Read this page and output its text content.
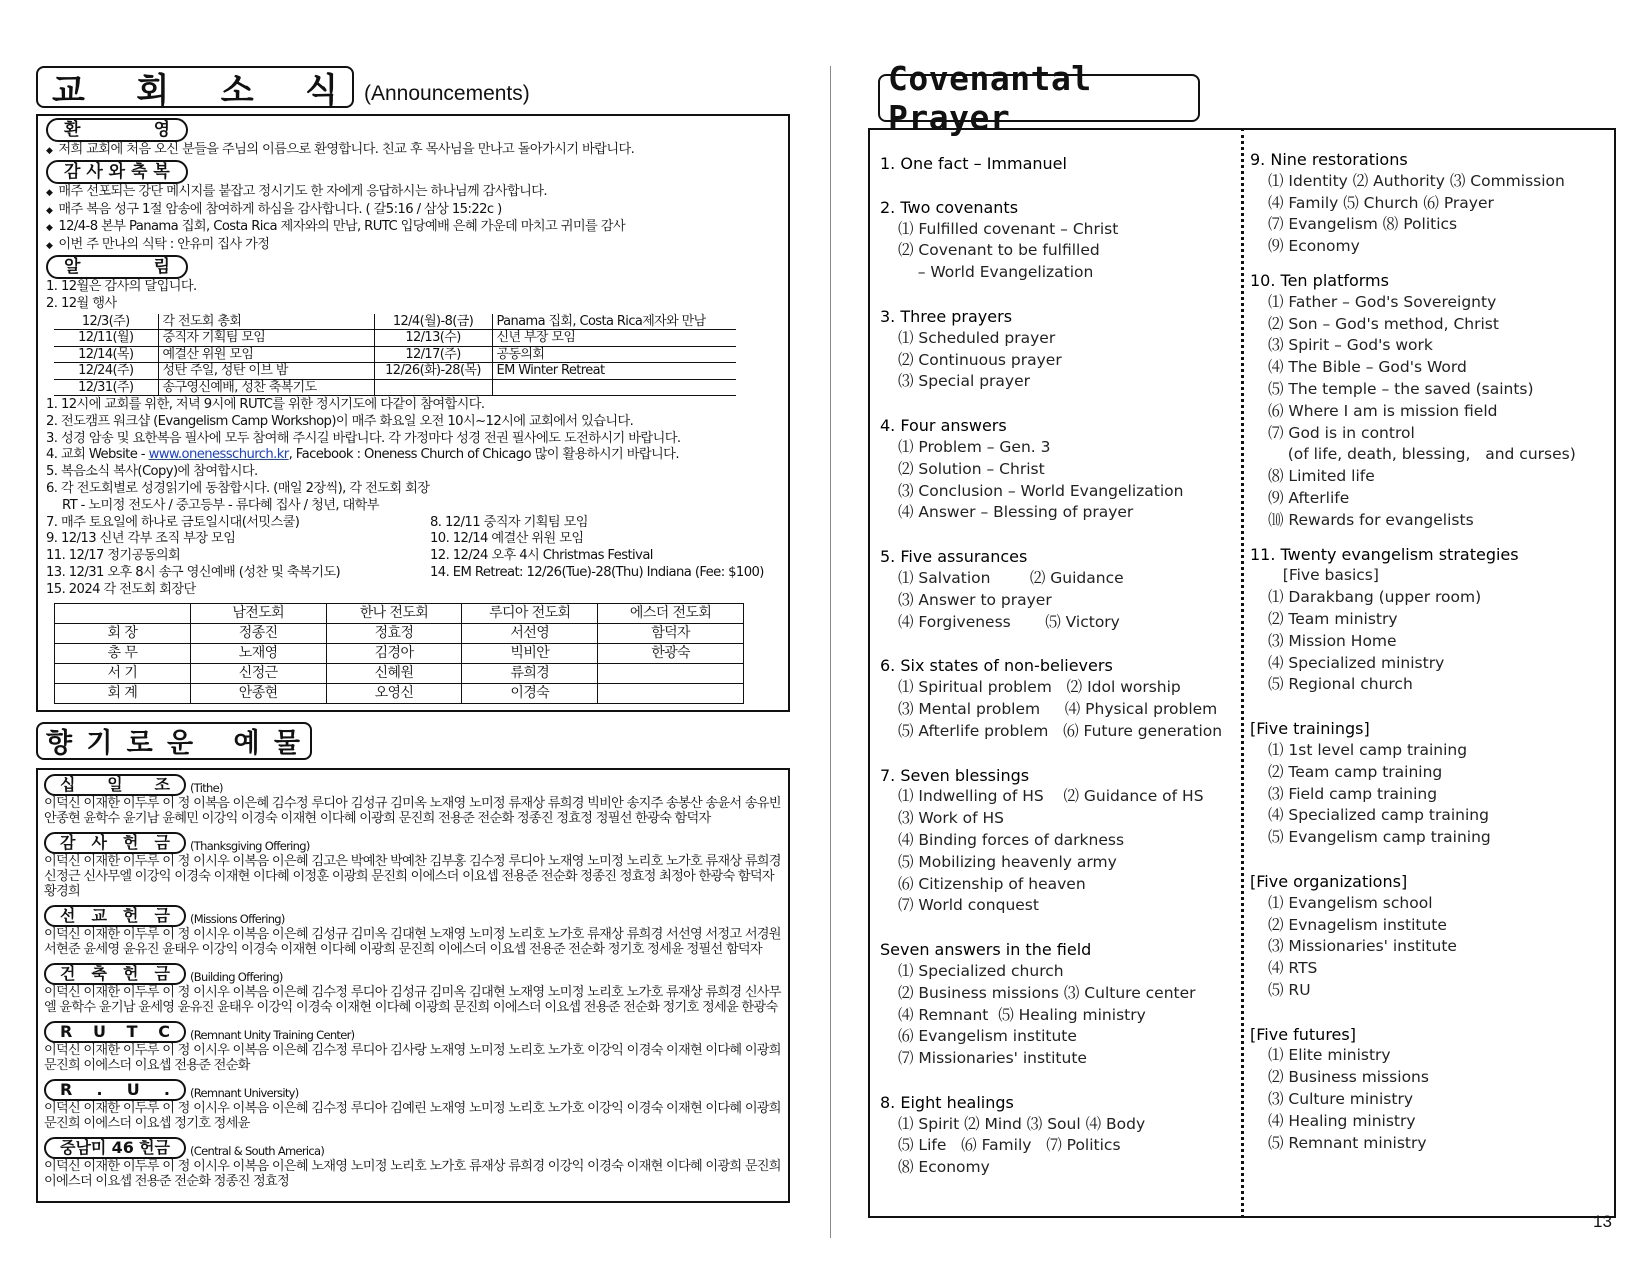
교 회 소 식 (Announcements)
환	영
◆ 저희 교회에 처음 오신 분들을 주님의 이름으로 환영합니다. 친교 후 목사님을 만나고 돌아가시기 바랍니다.
감 사 와 축 복
◆ 매주 선포되는 강단 메시지를 붙잡고 정시기도 한 자에게 응답하시는 하나님께 감사합니다.
◆ 매주 복음 성구 1절 암송에 참여하게 하심을 감사합니다. ( 갈5:16 / 삼상 15:22c )
◆ 12/4-8 본부 Panama 집회, Costa Rica 제자와의 만남, RUTC 입당예배 은혜 가운데 마치고 귀미를 감사
◆ 이번 주 만나의 식탁 : 안유미 집사 가정
알	림
1. 12월은 감사의 달입니다.
2. 12월 행사
12/3(주)	각 전도회 총회	12/4(월)-8(금)	Panama 집회, Costa Rica제자와 만남
12/11(월)	중직자 기획팀 모임	12/13(수)	신년 부장 모임
12/14(목)	예결산 위원 모임	12/17(주)	공동의회
12/24(주)	성탄 주일, 성탄 이브 밤	12/26(화)-28(목)	EM Winter Retreat
12/31(주)	송구영신예배, 성찬 축복기도		
1. 12시에 교회를 위한, 저녁 9시에 RUTC를 위한 정시기도에 다같이 참여합시다.
2. 전도캠프 워크샵 (Evangelism Camp Workshop)이 매주 화요일 오전 10시~12시에 교회에서 있습니다.
3. 성경 암송 및 요한복음 필사에 모두 참여해 주시길 바랍니다. 각 가정마다 성경 전권 필사에도 도전하시기 바랍니다.
4. 교회 Website - www.onenesschurch.kr, Facebook : Oneness Church of Chicago 많이 활용하시기 바랍니다.
5. 복음소식 복사(Copy)에 참여합시다.
6. 각 전도회별로 성경읽기에 동참합시다. (매일 2장씩), 각 전도회 회장
RT - 노미정 전도사 / 중고등부 - 류다혜 집사 / 청년, 대학부
7. 매주 토요일에 하나로 금토일시대(서밋스쿨)	8. 12/11 중직자 기획팀 모임
9. 12/13 신년 각부 조직 부장 모임	10. 12/14 예결산 위원 모임
11. 12/17 정기공동의회	12. 12/24 오후 4시 Christmas Festival
13. 12/31 오후 8시 송구 영신예배 (성찬 및 축복기도)	14. EM Retreat: 12/26(Tue)-28(Thu) Indiana (Fee: $100)
15. 2024 각 전도회 회장단
	남전도회	한나 전도회	루디아 전도회	에스더 전도회
회 장	정종진	정효정	서선영	함덕자
총 무	노재영	김경아	빅비안	한광숙
서 기	신정근	신혜원	류희경	
회 계	안종현	오영신	이경숙	
향 기 로 운 예 물
십 일 조 (Tithe)
이덕신 이재한 이두루 이 정 이복음 이은혜 김수정 루디아 김성규 김미옥 노재영 노미정 류재상 류희경 빅비안 송지주 송봉산 송윤서 송유빈 안종현 윤학수 윤기남 윤혜민 이강익 이경숙 이재현 이다혜 이광희 문진희 전용준 전순화 정종진 정효정 정필선 한광숙 함덕자
감 사 헌 금 (Thanksgiving Offering)
이덕신 이재한 이두루 이 정 이시우 이복음 이은혜 김고은 박예찬 박예찬 김부홍 김수정 루디아 노재영 노미정 노리호 노가호 류재상 류희경 신정근 신사무엘 이강익 이경숙 이재현 이다혜 이정훈 이광희 문진희 이에스더 이요셉 전용준 전순화 정종진 정효정 최정아 한광숙 함덕자 황경희
선 교 헌 금 (Missions Offering)
이덕신 이재한 이두루 이 정 이시우 이복음 이은혜 김성규 김미옥 김대현 노재영 노미정 노리호 노가호 류재상 류희경 서선영 서정고 서경원 서현준 윤세영 윤유진 윤태우 이강익 이경숙 이재현 이다혜 이광희 문진희 이에스더 이요셉 전용준 전순화 정기호 정세윤 정필선 함덕자
건 축 헌 금 (Building Offering)
이덕신 이재한 이두루 이 정 이시우 이복음 이은혜 김수정 루디아 김성규 김미옥 김대현 노재영 노미정 노리호 노가호 류재상 류희경 신사무엘 윤학수 윤기남 윤세영 윤유진 윤태우 이강익 이경숙 이재현 이다혜 이광희 문진희 이에스더 이요셉 전용준 전순화 정기호 정세윤 한광숙
R U T C (Remnant Unity Training Center)
이덕신 이재한 이두루 이 정 이시우 이복음 이은혜 김수정 루디아 김사랑 노재영 노미정 노리호 노가호 이강익 이경숙 이재현 이다혜 이광희 문진희 이에스더 이요셉 전용준 전순화
R . U . (Remnant University)
이덕신 이재한 이두루 이 정 이시우 이복음 이은혜 김수정 루디아 김예린 노재영 노미정 노리호 노가호 이강익 이경숙 이재현 이다혜 이광희 문진희 이에스더 이요셉 정기호 정세윤
중남미 46 헌금 (Central & South America)
이덕신 이재한 이두루 이 정 이시우 이복음 이은혜 노재영 노미정 노리호 노가호 류재상 류희경 이강익 이경숙 이재현 이다혜 이광희 문진희 이에스더 이요셉 전용준 전순화 정종진 정효정
Covenantal Prayer
1. One fact – Immanuel
2. Two covenants
⑴ Fulfilled covenant – Christ
⑵ Covenant to be fulfilled
– World Evangelization
3. Three prayers
⑴ Scheduled prayer
⑵ Continuous prayer
⑶ Special prayer
4. Four answers
⑴ Problem – Gen. 3
⑵ Solution – Christ
⑶ Conclusion – World Evangelization
⑷ Answer – Blessing of prayer
5. Five assurances
⑴ Salvation        ⑵ Guidance
⑶ Answer to prayer
⑷ Forgiveness       ⑸ Victory
6. Six states of non-believers
⑴ Spiritual problem   ⑵ Idol worship
⑶ Mental problem     ⑷ Physical problem
⑸ Afterlife problem   ⑹ Future generation
7. Seven blessings
⑴ Indwelling of HS    ⑵ Guidance of HS
⑶ Work of HS
⑷ Binding forces of darkness
⑸ Mobilizing heavenly army
⑹ Citizenship of heaven
⑺ World conquest
Seven answers in the field
⑴ Specialized church
⑵ Business missions ⑶ Culture center
⑷ Remnant  ⑸ Healing ministry
⑹ Evangelism institute
⑺ Missionaries' institute
8. Eight healings
⑴ Spirit ⑵ Mind ⑶ Soul ⑷ Body
⑸ Life   ⑹ Family   ⑺ Politics
⑻ Economy
9. Nine restorations
⑴ Identity ⑵ Authority ⑶ Commission
⑷ Family ⑸ Church ⑹ Prayer
⑺ Evangelism ⑻ Politics
⑼ Economy
10. Ten platforms
⑴ Father – God's Sovereignty
⑵ Son – God's method, Christ
⑶ Spirit – God's work
⑷ The Bible – God's Word
⑸ The temple – the saved (saints)
⑹ Where I am is mission field
⑺ God is in control
(of life, death, blessing,   and curses)
⑻ Limited life
⑼ Afterlife
⑽ Rewards for evangelists
11. Twenty evangelism strategies
[Five basics]
⑴ Darakbang (upper room)
⑵ Team ministry
⑶ Mission Home
⑷ Specialized ministry
⑸ Regional church
[Five trainings]
⑴ 1st level camp training
⑵ Team camp training
⑶ Field camp training
⑷ Specialized camp training
⑸ Evangelism camp training
[Five organizations]
⑴ Evangelism school
⑵ Evnagelism institute
⑶ Missionaries' institute
⑷ RTS
⑸ RU
[Five futures]
⑴ Elite ministry
⑵ Business missions
⑶ Culture ministry
⑷ Healing ministry
⑸ Remnant ministry
13
